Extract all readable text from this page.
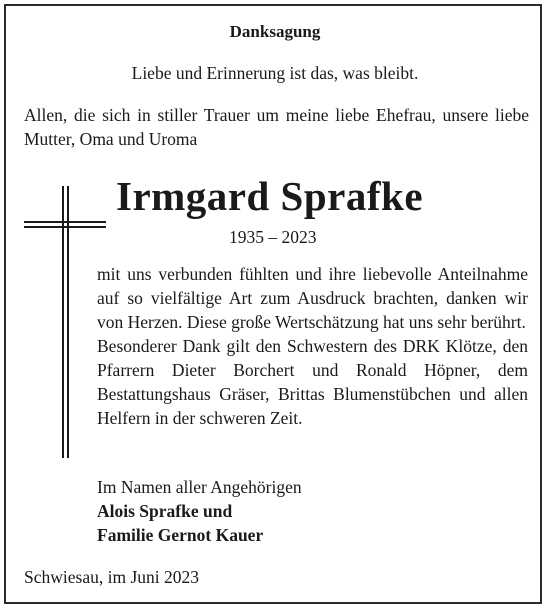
Danksagung
Liebe und Erinnerung ist das, was bleibt.
Allen, die sich in stiller Trauer um meine liebe Ehefrau, unsere liebe Mutter, Oma und Uroma
Irmgard Sprafke
1935 – 2023
mit uns verbunden fühlten und ihre liebevolle Anteilnahme auf so vielfältige Art zum Ausdruck brachten, danken wir von Herzen. Diese große Wertschätzung hat uns sehr berührt.
Besonderer Dank gilt den Schwestern des DRK Klötze, den Pfarrern Dieter Borchert und Ronald Höpner, dem Bestattungshaus Gräser, Brittas Blumenstübchen und allen Helfern in der schweren Zeit.
Im Namen aller Angehörigen
Alois Sprafke und
Familie Gernot Kauer
Schwiesau, im Juni 2023
